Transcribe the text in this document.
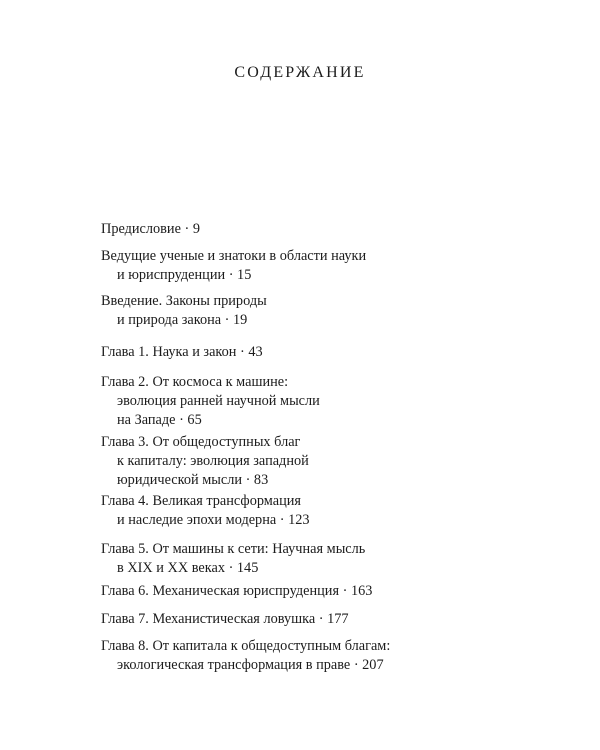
СОДЕРЖАНИЕ
Предисловие · 9
Ведущие ученые и знатоки в области науки
и юриспруденции · 15
Введение. Законы природы
и природа закона · 19
Глава 1. Наука и закон · 43
Глава 2. От космоса к машине:
эволюция ранней научной мысли
на Западе · 65
Глава 3. От общедоступных благ
к капиталу: эволюция западной
юридической мысли · 83
Глава 4. Великая трансформация
и наследие эпохи модерна · 123
Глава 5. От машины к сети: Научная мысль
в XIX и XX веках · 145
Глава 6. Механическая юриспруденция · 163
Глава 7. Механистическая ловушка · 177
Глава 8. От капитала к общедоступным благам:
экологическая трансформация в праве · 207
